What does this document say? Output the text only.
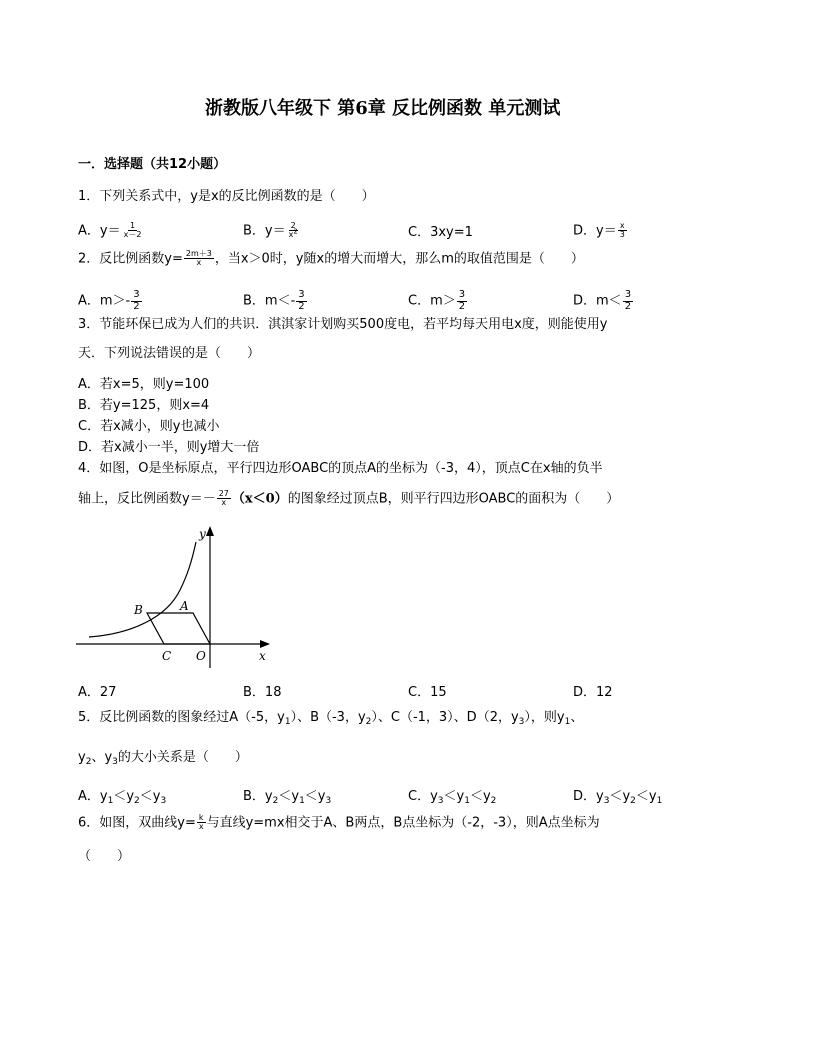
浙教版八年级下 第6章 反比例函数 单元测试
一．选择题（共12小题）
1．下列关系式中，y是x的反比例函数的是（　　）
A．$y= \frac{1}{x-2}$	B．$y= \frac{2}{x^2}$	C．3xy=1	D．$y= \frac{x}{3}$
2．反比例函数$y= \frac{2m+3}{x}$ ，当x＞0时，y随x的增大而增大，那么m的取值范围是（　　）
A．$m>- \frac{3}{2}$	B．$m<- \frac{3}{2}$	C．$m> \frac{3}{2}$	D．$m< \frac{3}{2}$
3．节能环保已成为人们的共识．淇淇家计划购买500度电，若平均每天用电x度，则能使用y
天．下列说法错误的是（　　）
A．若x=5，则y=100
B．若y=125，则x=4
C．若x减小，则y也减小
D．若x减小一半，则y增大一倍
4．如图，O是坐标原点，平行四边形OABC的顶点A的坐标为（-3，4），顶点C在x轴的负半
轴上，反比例函数$y=- \frac{27}{x} (x<0)$的图象经过顶点B，则平行四边形OABC的面积为（　　）
y
x
O
A
B
C
A．27	B．18	C．15	D．12
5．反比例函数的图象经过A（-5，$y_1$）、B（-3，$y_2$）、C（-1，3）、D（2，$y_3$），则$y_1$、
$y_2$、$y_3$的大小关系是（　　）
A．$y_1<y_2<y_3$	B．$y_2<y_1<y_3$	C．$y_3<y_1<y_2$	D．$y_3<y_2<y_1$
6．如图，双曲线$y= \frac{k}{x}$ 与直线y=mx相交于A、B两点，B点坐标为（-2，-3），则A点坐标为
（　　）
